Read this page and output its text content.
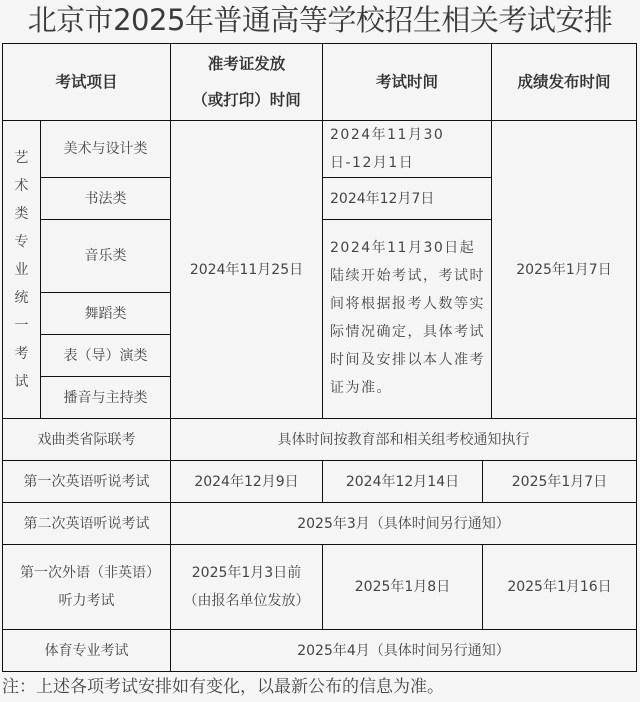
北京市2025年普通高等学校招生相关考试安排
考试项目		准考证发放
（或打印）时间	考试时间	成绩发布时间

艺
术
类
专
业
统
一
考
试
	美术与设计类	2024年11月25日	2024年11月30日-12月1日	2025年1月7日
	书法类		2024年12月7日	
	音乐类		2024年11月30日起陆续开始考试，考试时间将根据报考人数等实际情况确定，具体考试时间及安排以本人准考证为准。	
	舞蹈类			
	表（导）演类			
	播音与主持类			
戏曲类省际联考		具体时间按教育部和相关组考校通知执行		
第一次英语听说考试	2024年12月9日	2024年12月14日	2025年1月7日
第二次英语听说考试	2025年3月（具体时间另行通知）		
第一次外语（非英语）听力考试	2025年1月3日前（由报名单位发放）	2025年1月8日	2025年1月16日
体育专业考试	2025年4月（具体时间另行通知）		
注：上述各项考试安排如有变化，以最新公布的信息为准。
